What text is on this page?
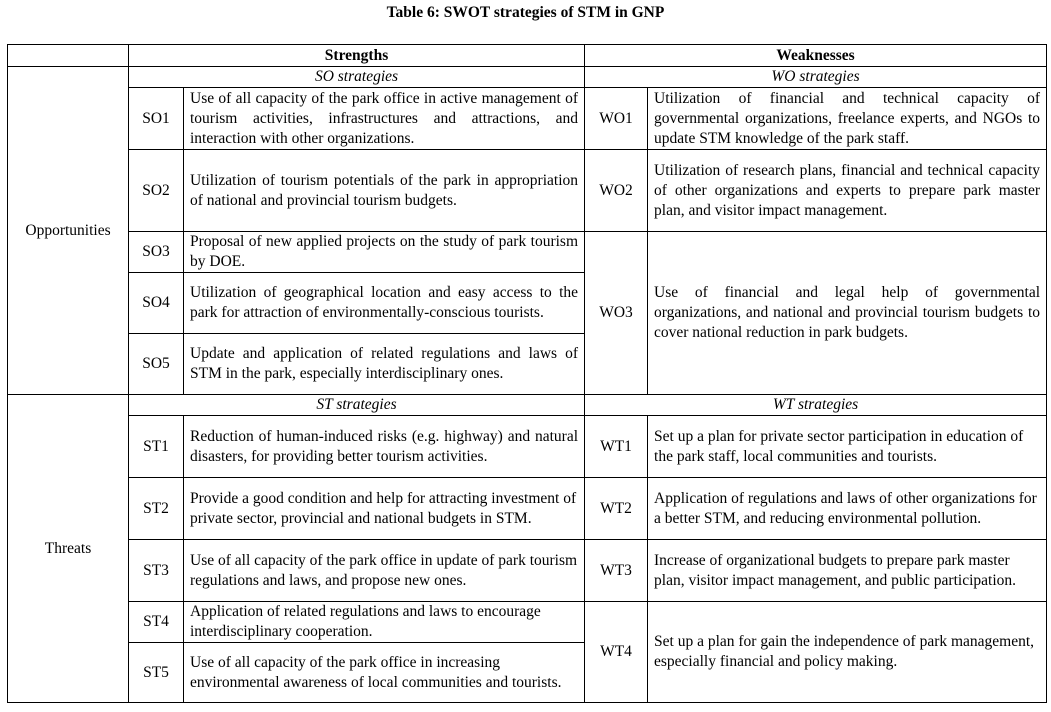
Table 6: SWOT strategies of STM in GNP
	Strengths		Weaknesses	
Opportunities	SO strategies		WO strategies	
	SO1	Use of all capacity of the park office in active management of tourism activities, infrastructures and attractions, and interaction with other organizations.	WO1	Utilization of financial and technical capacity of governmental organizations, freelance experts, and NGOs to update STM knowledge of the park staff.
	SO2	Utilization of tourism potentials of the park in appropriation of national and provincial tourism budgets.	WO2	Utilization of research plans, financial and technical capacity of other organizations and experts to prepare park master plan, and visitor impact management.
	SO3	Proposal of new applied projects on the study of park tourism by DOE.	WO3	Use of financial and legal help of governmental organizations, and national and provincial tourism budgets to cover national reduction in park budgets.
	SO4	Utilization of geographical location and easy access to the park for attraction of environmentally-conscious tourists.		
	SO5	Update and application of related regulations and laws of STM in the park, especially interdisciplinary ones.		
Threats	ST strategies		WT strategies	
	ST1	Reduction of human-induced risks (e.g. highway) and natural disasters, for providing better tourism activities.	WT1	Set up a plan for private sector participation in education of the park staff, local communities and tourists.
	ST2	Provide a good condition and help for attracting investment of private sector, provincial and national budgets in STM.	WT2	Application of regulations and laws of other organizations for a better STM, and reducing environmental pollution.
	ST3	Use of all capacity of the park office in update of park tourism regulations and laws, and propose new ones.	WT3	Increase of organizational budgets to prepare park master plan, visitor impact management, and public participation.
	ST4	Application of related regulations and laws to encourage interdisciplinary cooperation.	WT4	Set up a plan for gain the independence of park management, especially financial and policy making.
	ST5	Use of all capacity of the park office in increasing environmental awareness of local communities and tourists.		
